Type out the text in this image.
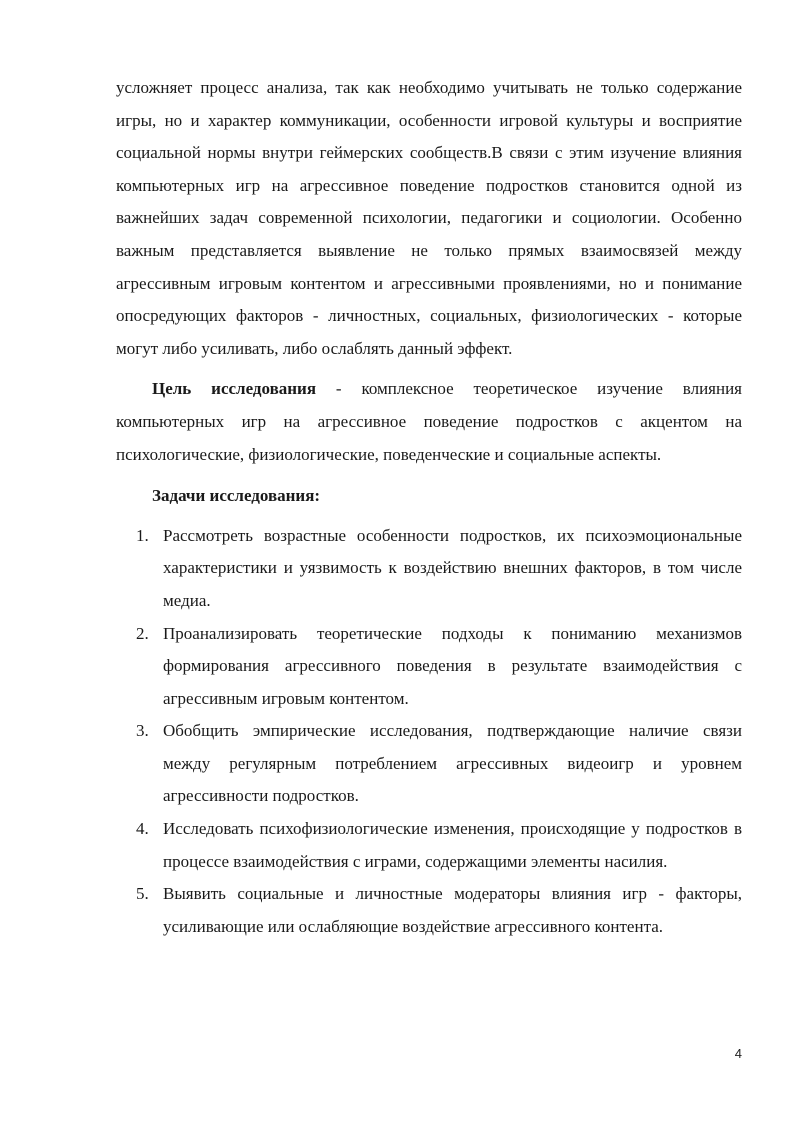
усложняет процесс анализа, так как необходимо учитывать не только содержание игры, но и характер коммуникации, особенности игровой культуры и восприятие социальной нормы внутри геймерских сообществ.В связи с этим изучение влияния компьютерных игр на агрессивное поведение подростков становится одной из важнейших задач современной психологии, педагогики и социологии. Особенно важным представляется выявление не только прямых взаимосвязей между агрессивным игровым контентом и агрессивными проявлениями, но и понимание опосредующих факторов - личностных, социальных, физиологических - которые могут либо усиливать, либо ослаблять данный эффект.

Цель исследования - комплексное теоретическое изучение влияния компьютерных игр на агрессивное поведение подростков с акцентом на психологические, физиологические, поведенческие и социальные аспекты.

Задачи исследования:
1. Рассмотреть возрастные особенности подростков, их психоэмоциональные характеристики и уязвимость к воздействию внешних факторов, в том числе медиа.
2. Проанализировать теоретические подходы к пониманию механизмов формирования агрессивного поведения в результате взаимодействия с агрессивным игровым контентом.
3. Обобщить эмпирические исследования, подтверждающие наличие связи между регулярным потреблением агрессивных видеоигр и уровнем агрессивности подростков.
4. Исследовать психофизиологические изменения, происходящие у подростков в процессе взаимодействия с играми, содержащими элементы насилия.
5. Выявить социальные и личностные модераторы влияния игр - факторы, усиливающие или ослабляющие воздействие агрессивного контента.
4
